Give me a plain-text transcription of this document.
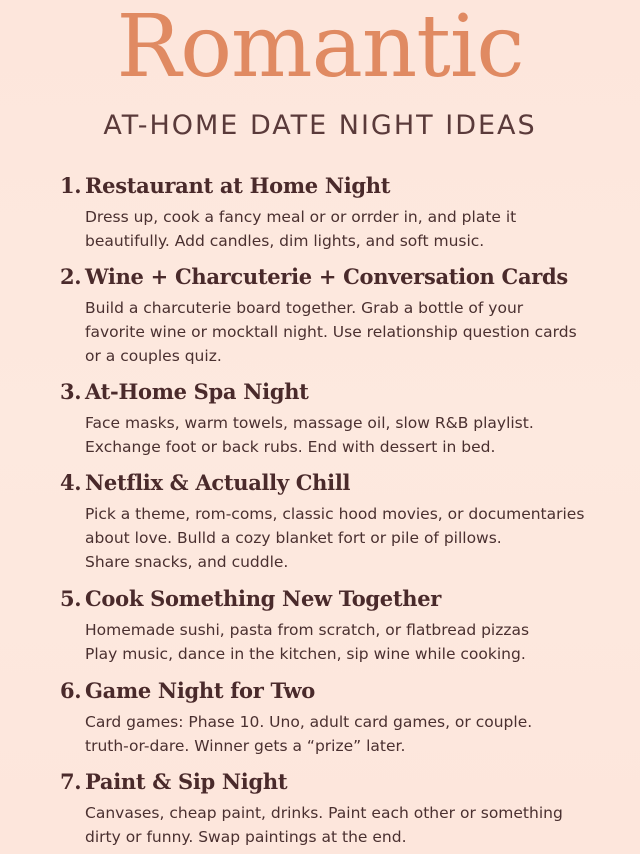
Romantic
AT-HOME DATE NIGHT IDEAS
1. Restaurant at Home Night
Dress up, cook a fancy meal or or orrder in, and plate it
beautifully. Add candles, dim lights, and soft music.
2. Wine + Charcuterie + Conversation Cards
Build a charcuterie board together. Grab a bottle of your
favorite wine or mocktall night. Use relationship question cards
or a couples quiz.
3. At-Home Spa Night
Face masks, warm towels, massage oil, slow R&B playlist.
Exchange foot or back rubs. End with dessert in bed.
4. Netflix & Actually Chill
Pick a theme, rom-coms, classic hood movies, or documentaries
about love. Bulld a cozy blanket fort or pile of pillows.
Share snacks, and cuddle.
5. Cook Something New Together
Homemade sushi, pasta from scratch, or flatbread pizzas
Play music, dance in the kitchen, sip wine while cooking.
6. Game Night for Two
Card games: Phase 10. Uno, adult card games, or couple.
truth-or-dare. Winner gets a “prize” later.
7. Paint & Sip Night
Canvases, cheap paint, drinks. Paint each other or something
dirty or funny. Swap paintings at the end.
